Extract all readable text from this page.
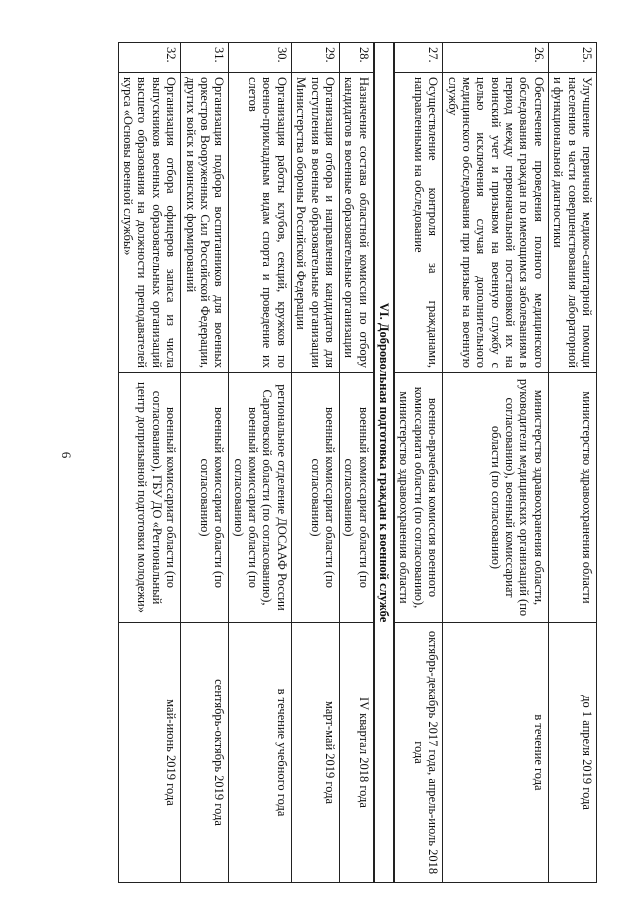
6
25.	Улучшение первичной медико-санитарной помощи населению в части совершенствования лабораторной и функциональной диагностики	министерство здравоохранения области	до 1 апреля 2019 года
26.	Обеспечение проведения полного медицинского обследования граждан по имеющимся заболеваниям в период между первоначальной постановкой их на воинский учет и призывом на военную службу с целью исключения случая дополнительного медицинского обследования при призыве на военную службу	министерство здравоохранения области, руководители медицинских организаций (по согласованию), военный комиссариат области (по согласованию)	в течение года
27.	Осуществление контроля за гражданами, направленными на обследование	военно-врачебная комиссия военного комиссариата области (по согласованию), министерство здравоохранения области	октябрь-декабрь 2017 года, апрель-июль 2018 года
VI. Добровольная подготовка граждан к военной службе			
28.	Назначение состава областной комиссии по отбору кандидатов в военные образовательные организации	военный комиссариат области (по согласованию)	IV квартал 2018 года
29.	Организация отбора и направления кандидатов для поступления в военные образовательные организации Министерства обороны Российской Федерации	военный комиссариат области (по согласованию)	март-май 2019 года
30.	Организация работы клубов, секций, кружков по военно-прикладным видам спорта и проведение их слетов	региональное отделение ДОСААФ России Саратовской области (по согласованию), военный комиссариат области (по согласованию)	в течение учебного года
31.	Организация подбора воспитанников для военных оркестров Вооруженных Сил Российской Федерации, других войск и воинских формирований	военный комиссариат области (по согласованию)	сентябрь-октябрь 2019 года
32.	Организация отбора офицеров запаса из числа выпускников военных образовательных организаций высшего образования на должности преподавателей курса «Основы военной службы»	военный комиссариат области (по согласованию), ГБУ ДО «Региональный центр допризывной подготовки молодежи»	май-июнь 2019 года
